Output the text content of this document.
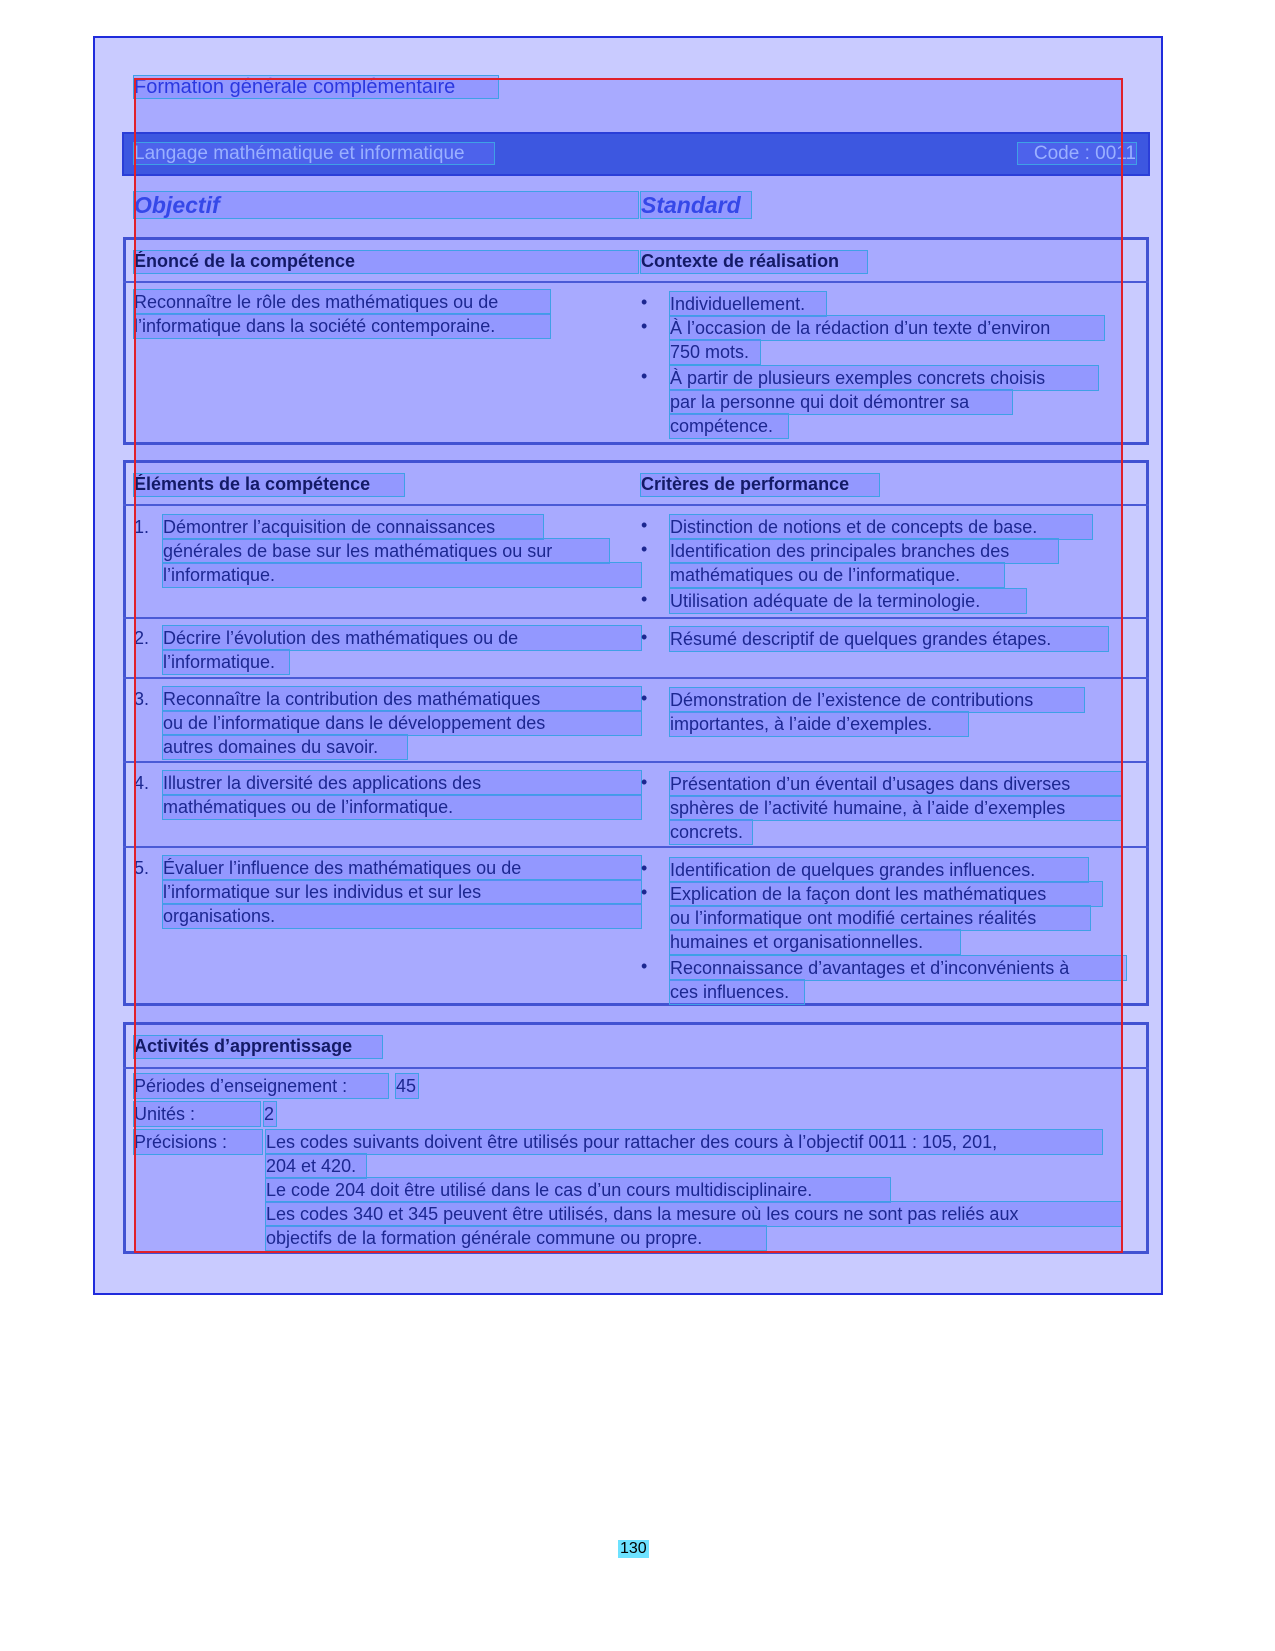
Formation générale complémentaire
Langage mathématique et informatique	Code : 0011
Objectif	Standard
Énoncé de la compétence	Contexte de réalisation
Reconnaître le rôle des mathématiques ou de
l’informatique dans la société contemporaine.
• Individuellement.
• À l’occasion de la rédaction d’un texte d’environ
750 mots.
• À partir de plusieurs exemples concrets choisis
par la personne qui doit démontrer sa
compétence.
Éléments de la compétence	Critères de performance
1. Démontrer l’acquisition de connaissances
générales de base sur les mathématiques ou sur
l’informatique.
• Distinction de notions et de concepts de base.
• Identification des principales branches des
mathématiques ou de l’informatique.
• Utilisation adéquate de la terminologie.
2. Décrire l’évolution des mathématiques ou de
l’informatique.
• Résumé descriptif de quelques grandes étapes.
3. Reconnaître la contribution des mathématiques
ou de l’informatique dans le développement des
autres domaines du savoir.
• Démonstration de l’existence de contributions
importantes, à l’aide d’exemples.
4. Illustrer la diversité des applications des
mathématiques ou de l’informatique.
• Présentation d’un éventail d’usages dans diverses
sphères de l’activité humaine, à l’aide d’exemples
concrets.
5. Évaluer l’influence des mathématiques ou de
l’informatique sur les individus et sur les
organisations.
• Identification de quelques grandes influences.
• Explication de la façon dont les mathématiques
ou l’informatique ont modifié certaines réalités
humaines et organisationnelles.
• Reconnaissance d’avantages et d’inconvénients à
ces influences.
Activités d’apprentissage
Périodes d’enseignement :	45
Unités :	2
Précisions :	Les codes suivants doivent être utilisés pour rattacher des cours à l’objectif 0011 : 105, 201,
204 et 420.
Le code 204 doit être utilisé dans le cas d’un cours multidisciplinaire.
Les codes 340 et 345 peuvent être utilisés, dans la mesure où les cours ne sont pas reliés aux
objectifs de la formation générale commune ou propre.
130
